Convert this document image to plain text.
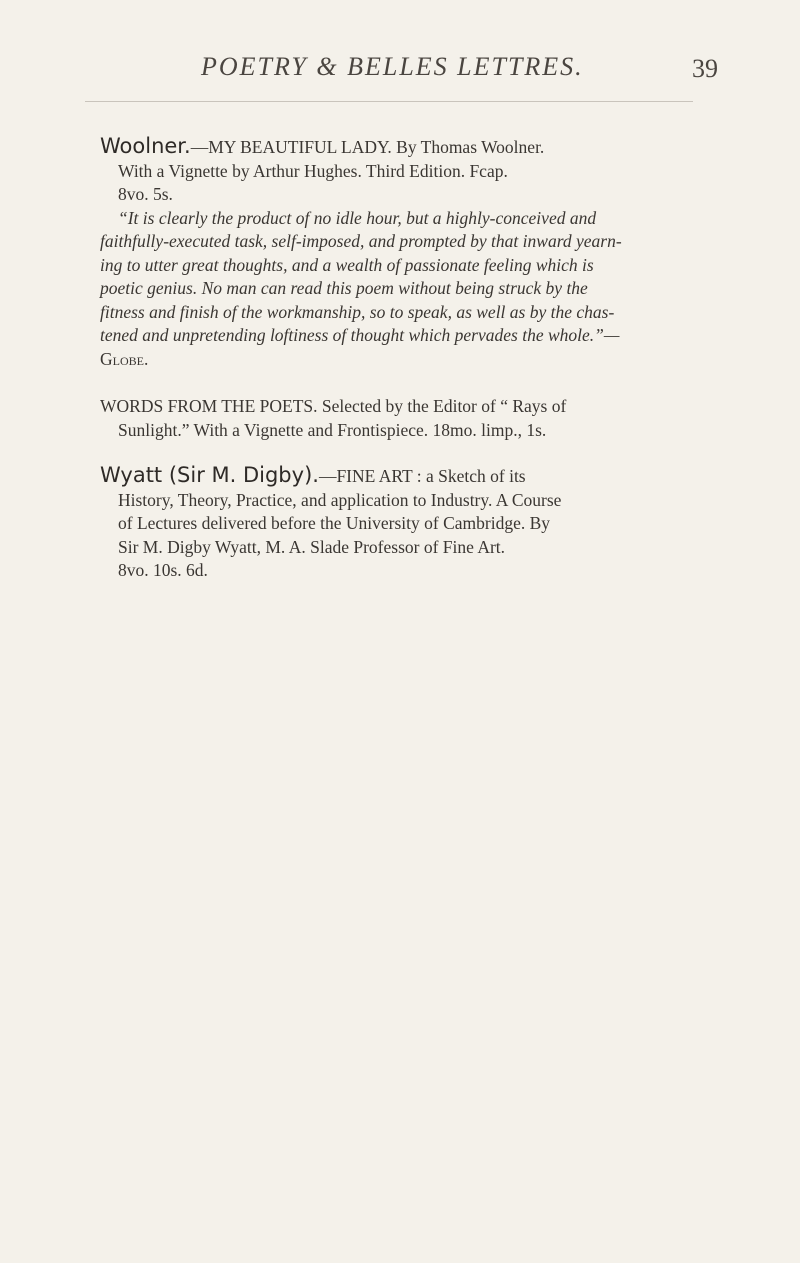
POETRY & BELLES LETTRES.	39
Woolner.—MY BEAUTIFUL LADY. By Thomas Woolner.
With a Vignette by Arthur Hughes. Third Edition. Fcap.
8vo. 5s.
“It is clearly the product of no idle hour, but a highly-conceived and
faithfully-executed task, self-imposed, and prompted by that inward yearn-
ing to utter great thoughts, and a wealth of passionate feeling which is
poetic genius. No man can read this poem without being struck by the
fitness and finish of the workmanship, so to speak, as well as by the chas-
tened and unpretending loftiness of thought which pervades the whole.”—
Globe.
WORDS FROM THE POETS. Selected by the Editor of “ Rays of
Sunlight.” With a Vignette and Frontispiece. 18mo. limp., 1s.
Wyatt (Sir M. Digby).—FINE ART : a Sketch of its
History, Theory, Practice, and application to Industry. A Course
of Lectures delivered before the University of Cambridge. By
Sir M. Digby Wyatt, M. A. Slade Professor of Fine Art.
8vo. 10s. 6d.
